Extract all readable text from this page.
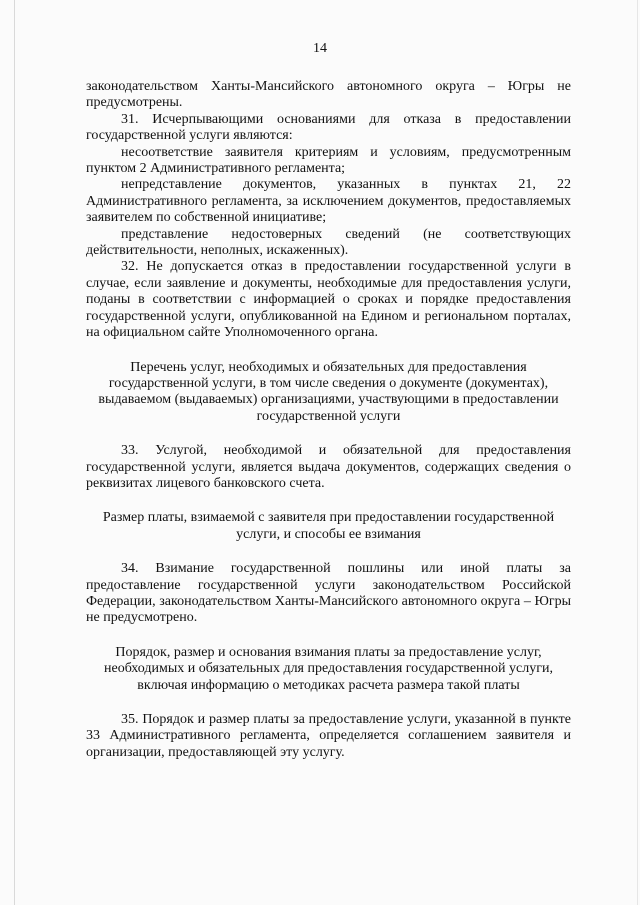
14

законодательством Ханты-Мансийского автономного округа – Югры не предусмотрены.

31. Исчерпывающими основаниями для отказа в предоставлении государственной услуги являются:

несоответствие заявителя критериям и условиям, предусмотренным пунктом 2 Административного регламента;

непредставление документов, указанных в пунктах 21, 22 Административного регламента, за исключением документов, предоставляемых заявителем по собственной инициативе;

представление недостоверных сведений (не соответствующих действительности, неполных, искаженных).

32. Не допускается отказ в предоставлении государственной услуги в случае, если заявление и документы, необходимые для предоставления услуги, поданы в соответствии с информацией о сроках и порядке предоставления государственной услуги, опубликованной на Едином и региональном порталах, на официальном сайте Уполномоченного органа.

Перечень услуг, необходимых и обязательных для предоставления государственной услуги, в том числе сведения о документе (документах), выдаваемом (выдаваемых) организациями, участвующими в предоставлении государственной услуги

33. Услугой, необходимой и обязательной для предоставления государственной услуги, является выдача документов, содержащих сведения о реквизитах лицевого банковского счета.

Размер платы, взимаемой с заявителя при предоставлении государственной услуги, и способы ее взимания

34. Взимание государственной пошлины или иной платы за предоставление государственной услуги законодательством Российской Федерации, законодательством Ханты-Мансийского автономного округа – Югры не предусмотрено.

Порядок, размер и основания взимания платы за предоставление услуг, необходимых и обязательных для предоставления государственной услуги, включая информацию о методиках расчета размера такой платы

35. Порядок и размер платы за предоставление услуги, указанной в пункте 33 Административного регламента, определяется соглашением заявителя и организации, предоставляющей эту услугу.
